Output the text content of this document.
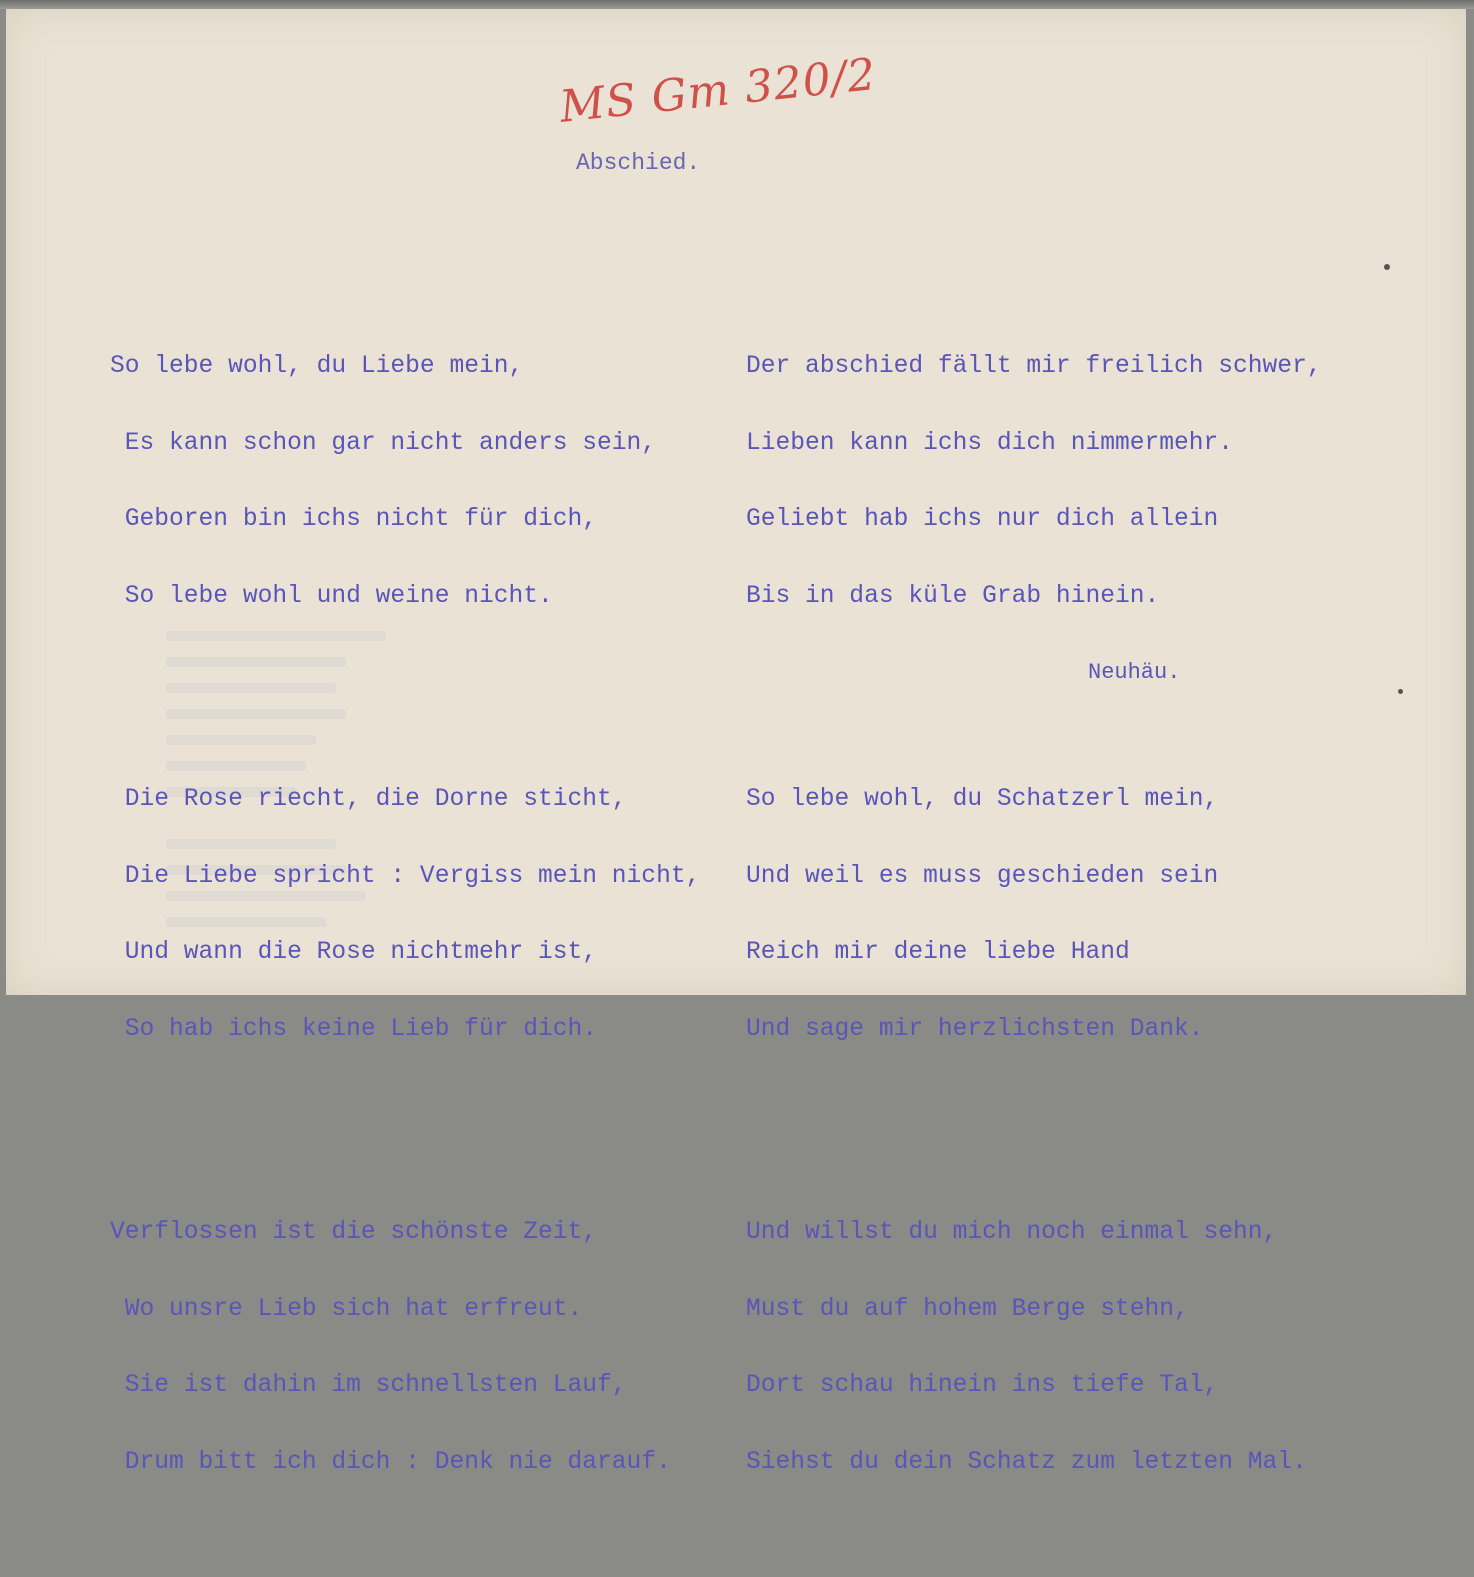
MS Gm 320/2
Abschied.

So lebe wohl, du Liebe mein,

Es kann schon gar nicht anders sein,

Geboren bin ichs nicht für dich,

So lebe wohl und weine nicht.

Die Rose riecht, die Dorne sticht,

Die Liebe spricht : Vergiss mein nicht,

Und wann die Rose nichtmehr ist,

So hab ichs keine Lieb für dich.

Verflossen ist die schönste Zeit,

Wo unsre Lieb sich hat erfreut.

Sie ist dahin im schnellsten Lauf,

Drum bitt ich dich : Denk nie darauf.

Der abschied fällt mir freilich schwer,

Lieben kann ichs dich nimmermehr.

Geliebt hab ichs nur dich allein

Bis in das küle Grab hinein.

So lebe wohl, du Schatzerl mein,

Und weil es muss geschieden sein

Reich mir deine liebe Hand

Und sage mir herzlichsten Dank.

Und willst du mich noch einmal sehn,

Must du auf hohem Berge stehn,

Dort schau hinein ins tiefe Tal,

Siehst du dein Schatz zum letzten Mal.

Neuhäu.
